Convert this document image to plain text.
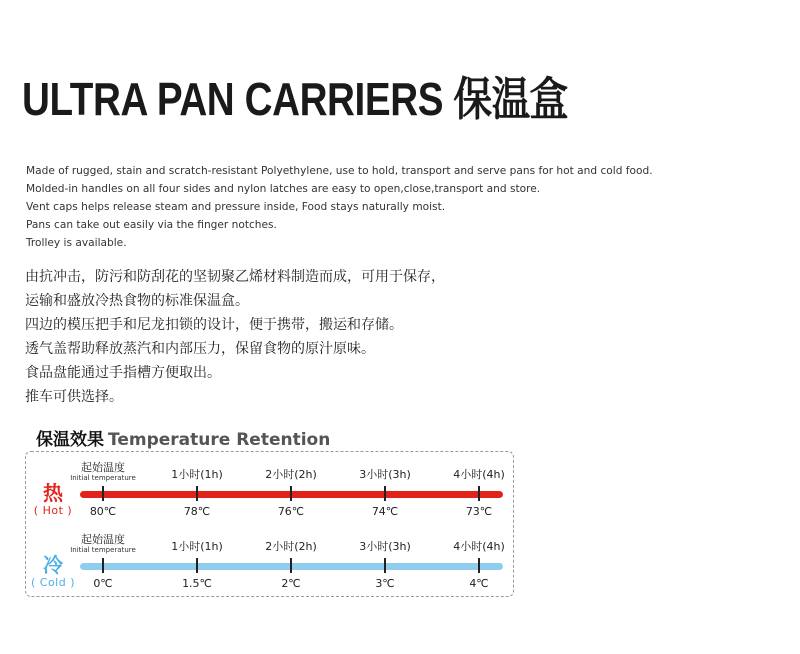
ULTRA PAN CARRIERS 保温盒
Made of rugged, stain and scratch-resistant Polyethylene, use to hold, transport and serve pans for hot and cold food.
Molded-in handles on all four sides and nylon latches are easy to open,close,transport and store.
Vent caps helps release steam and pressure inside, Food stays naturally moist.
Pans can take out easily via the finger notches.
Trolley is available.
由抗冲击，防污和防刮花的坚韧聚乙烯材料制造而成，可用于保存，
运输和盛放冷热食物的标准保温盒。
四边的模压把手和尼龙扣锁的设计，便于携带，搬运和存储。
透气盖帮助释放蒸汽和内部压力，保留食物的原汁原味。
食品盘能通过手指槽方便取出。
推车可供选择。
保温效果 Temperature Retention
热
( Hot )
起始温度
Initial temperature
80℃
1小时(1h)
78℃
2小时(2h)
76℃
3小时(3h)
74℃
4小时(4h)
73℃
冷
( Cold )
起始温度
Initial temperature
0℃
1小时(1h)
1.5℃
2小时(2h)
2℃
3小时(3h)
3℃
4小时(4h)
4℃
